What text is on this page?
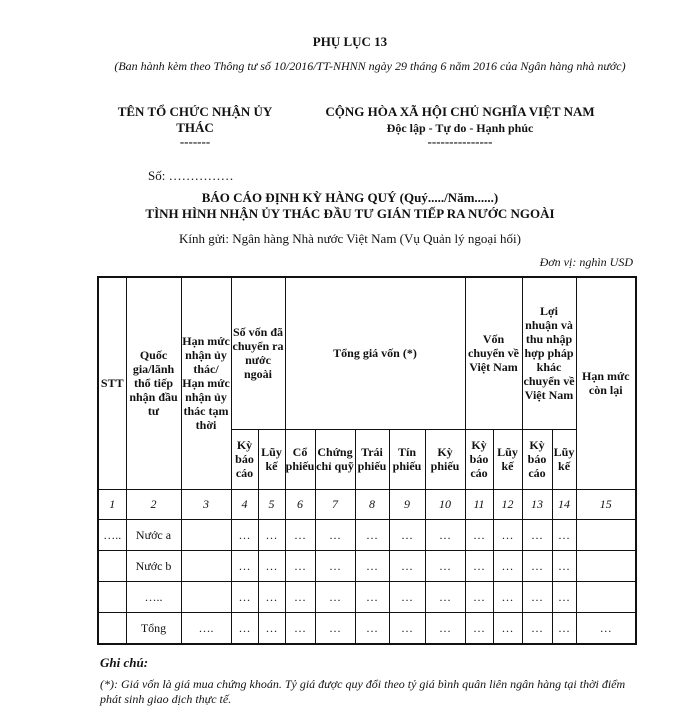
PHỤ LỤC 13
(Ban hành kèm theo Thông tư số 10/2016/TT-NHNN ngày 29 tháng 6 năm 2016 của Ngân hàng nhà nước)
TÊN TỔ CHỨC NHẬN ỦY THÁC
-------
CỘNG HÒA XÃ HỘI CHỦ NGHĨA VIỆT NAM
Độc lập - Tự do - Hạnh phúc
---------------
Số: ……………
BÁO CÁO ĐỊNH KỲ HÀNG QUÝ (Quý...../Năm......)
TÌNH HÌNH NHẬN ỦY THÁC ĐẦU TƯ GIÁN TIẾP RA NƯỚC NGOÀI
Kính gửi: Ngân hàng Nhà nước Việt Nam (Vụ Quản lý ngoại hối)
Đơn vị: nghìn USD
STT	Quốc gia/lãnh thổ tiếp nhận đầu tư	Hạn mức nhận ủy thác/ Hạn mức nhận ủy thác tạm thời	Số vốn đã chuyển ra nước ngoài		Tổng giá vốn (*)					Vốn chuyển về Việt Nam		Lợi nhuận và thu nhập hợp pháp khác chuyển về Việt Nam		Hạn mức còn lại
			Kỳ báo cáo	Lũy kế	Cổ phiếu	Chứng chỉ quỹ	Trái phiếu	Tín phiếu	Kỳ phiếu	Kỳ báo cáo	Lũy kế	Kỳ báo cáo	Lũy kế	
1	2	3	4	5	6	7	8	9	10	11	12	13	14	15
…..	Nước a		…	…	…	…	…	…	…	…	…	…	…	
	Nước b		…	…	…	…	…	…	…	…	…	…	…	
	…..		…	…	…	…	…	…	…	…	…	…	…	
	Tổng	….	…	…	…	…	…	…	…	…	…	…	…	…
Ghi chú:
(*): Giá vốn là giá mua chứng khoán. Tỷ giá được quy đổi theo tỷ giá bình quân liên ngân hàng tại thời điểm phát sinh giao dịch thực tế.
